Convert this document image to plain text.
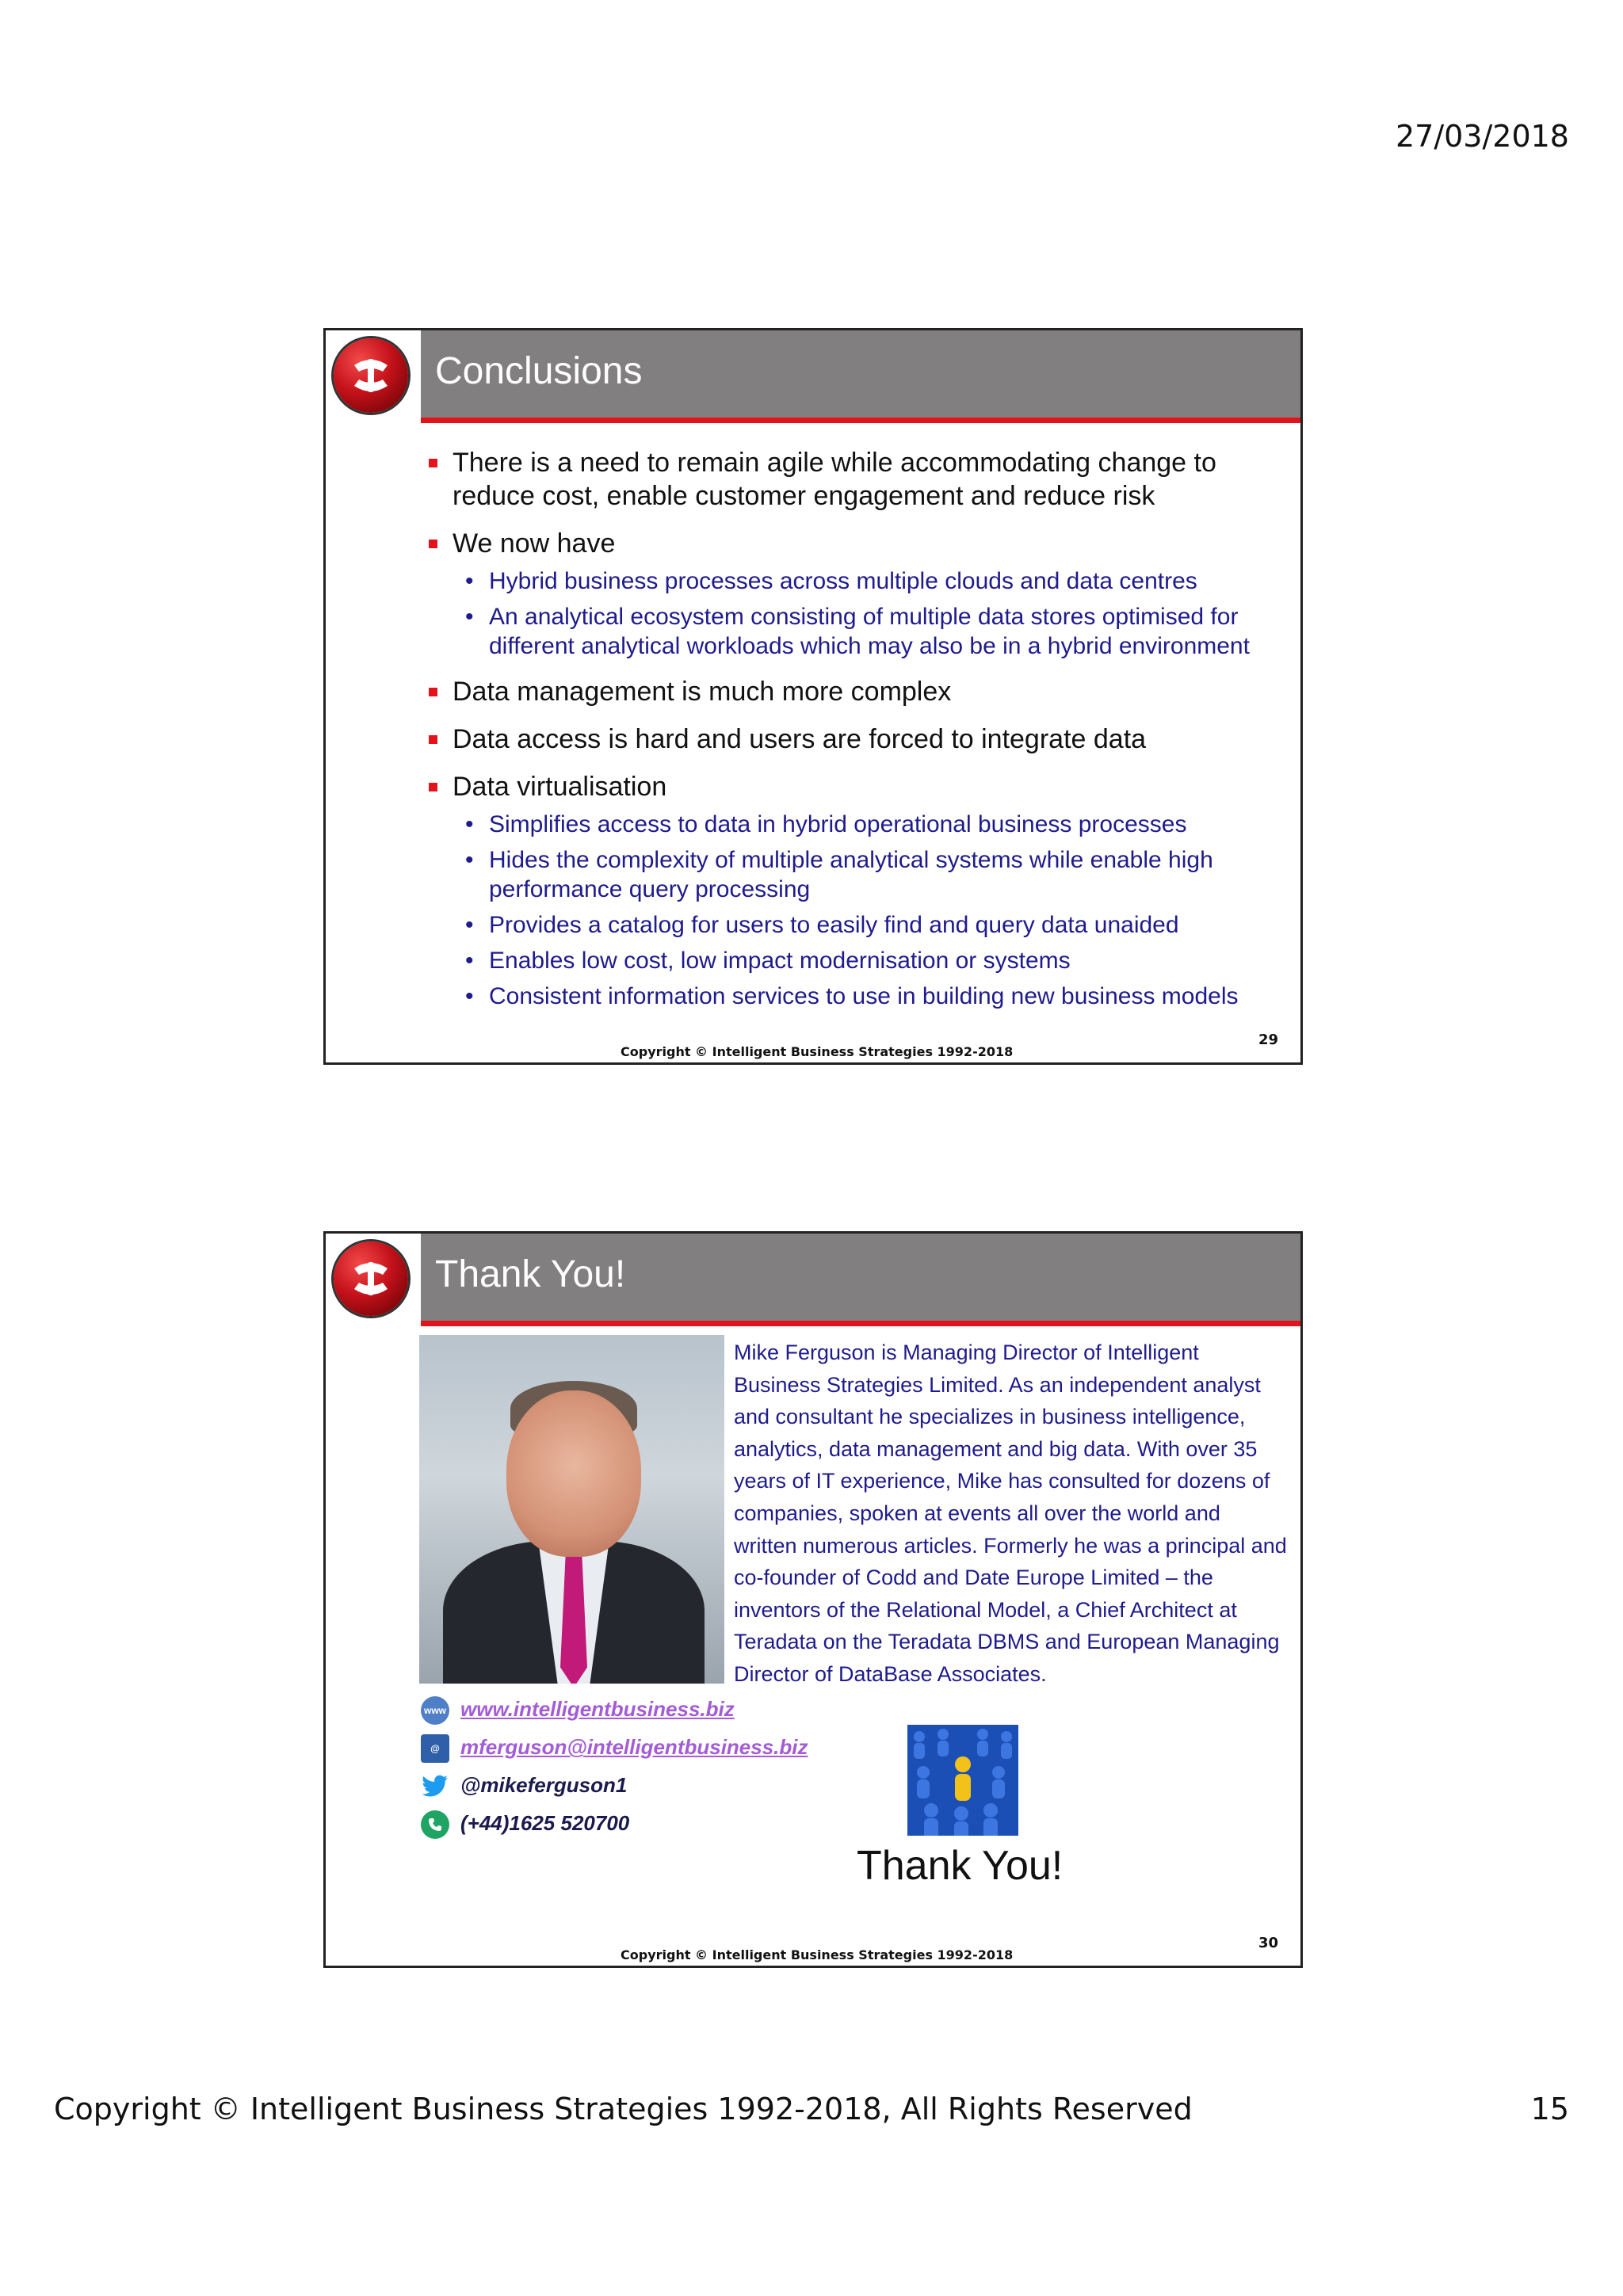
27/03/2018
Conclusions
There is a need to remain agile while accommodating change to reduce cost, enable customer engagement and reduce risk
We now have
• Hybrid business processes across multiple clouds and data centres
• An analytical ecosystem consisting of multiple data stores optimised for different analytical workloads which may also be in a hybrid environment
Data management is much more complex
Data access is hard and users are forced to integrate data
Data virtualisation
• Simplifies access to data in hybrid operational business processes
• Hides the complexity of multiple analytical systems while enable high performance query processing
• Provides a catalog for users to easily find and query data unaided
• Enables low cost, low impact modernisation or systems
• Consistent information services to use in building new business models
29
Copyright © Intelligent Business Strategies 1992-2018
Thank You!
Mike Ferguson is Managing Director of Intelligent Business Strategies Limited. As an independent analyst and consultant he specializes in business intelligence, analytics, data management and big data. With over 35 years of IT experience, Mike has consulted for dozens of companies, spoken at events all over the world and written numerous articles. Formerly he was a principal and co-founder of Codd and Date Europe Limited – the inventors of the Relational Model, a Chief Architect at Teradata on the Teradata DBMS and European Managing Director of DataBase Associates.
www www.intelligentbusiness.biz
@	mferguson@intelligentbusiness.biz
@mikeferguson1
(+44)1625 520700
Thank You!
30
Copyright © Intelligent Business Strategies 1992-2018
Copyright © Intelligent Business Strategies 1992-2018, All Rights Reserved	15
